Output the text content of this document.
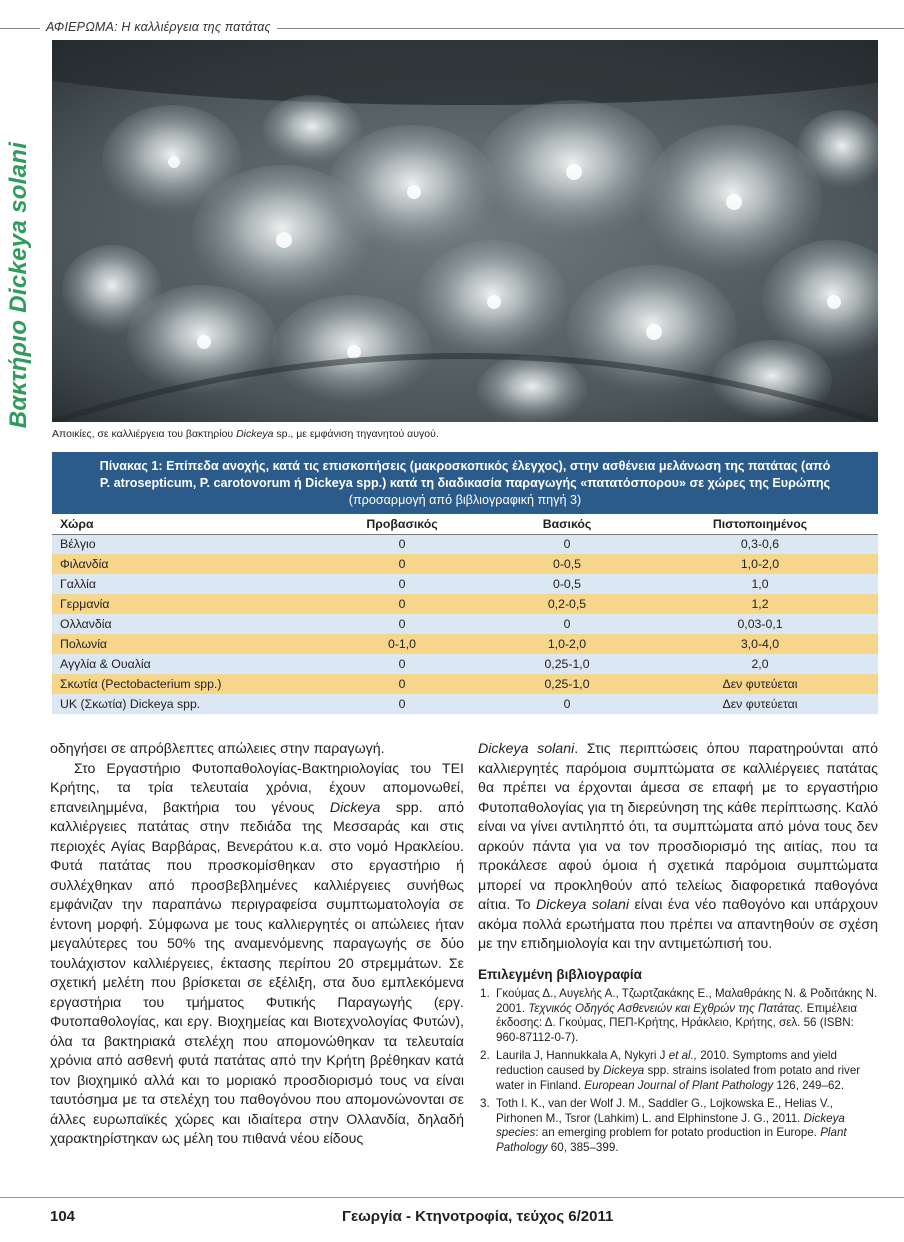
ΑΦΙΕΡΩΜΑ: Η καλλιέργεια της πατάτας
Βακτήριο Dickeya solani
Αποικίες, σε καλλιέργεια του βακτηρίου Dickeya sp., με εμφάνιση τηγανητού αυγού.
Πίνακας 1: Επίπεδα ανοχής, κατά τις επισκοπήσεις (μακροσκοπικός έλεγχος), στην ασθένεια μελάνωση της πατάτας (από
P. atrosepticum, P. carotovorum ή Dickeya spp.) κατά τη διαδικασία παραγωγής «πατατόσπορου» σε χώρες της Ευρώπης
(προσαρμογή από βιβλιογραφική πηγή 3)
Χώρα	Προβασικός	Βασικός	Πιστοποιημένος
Βέλγιο	0	0	0,3-0,6
Φιλανδία	0	0-0,5	1,0-2,0
Γαλλία	0	0-0,5	1,0
Γερμανία	0	0,2-0,5	1,2
Ολλανδία	0	0	0,03-0,1
Πολωνία	0-1,0	1,0-2,0	3,0-4,0
Αγγλία & Ουαλία	0	0,25-1,0	2,0
Σκωτία (Pectobacterium spp.)	0	0,25-1,0	Δεν φυτεύεται
UK (Σκωτία) Dickeya spp.	0	0	Δεν φυτεύεται

οδηγήσει σε απρόβλεπτες απώλειες στην παραγωγή.

Στο Εργαστήριο Φυτοπαθολογίας-Βακτηριολογίας του ΤΕΙ Κρήτης, τα τρία τελευταία χρόνια, έχουν απομονωθεί, επανειλημμένα, βακτήρια του γένους Dickeya spp. από καλλιέργειες πατάτας στην πεδιάδα της Μεσσαράς και στις περιοχές Αγίας Βαρβάρας, Βενεράτου κ.α. στο νομό Ηρακλείου. Φυτά πατάτας που προσκομίσθηκαν στο εργαστήριο ή συλλέχθηκαν από προσβεβλημένες καλλιέργειες συνήθως εμφάνιζαν την παραπάνω περιγραφείσα συμπτωματολογία σε έντονη μορφή. Σύμφωνα με τους καλλιεργητές οι απώλειες ήταν μεγαλύτερες του 50% της αναμενόμενης παραγωγής σε δύο τουλάχιστον καλλιέργειες, έκτασης περίπου 20 στρεμμάτων. Σε σχετική μελέτη που βρίσκεται σε εξέλιξη, στα δυο εμπλεκόμενα εργαστήρια του τμήματος Φυτικής Παραγωγής (εργ. Φυτοπαθολογίας, και εργ. Βιοχημείας και Βιοτεχνολογίας Φυτών), όλα τα βακτηριακά στελέχη που απομονώθηκαν τα τελευταία χρόνια από ασθενή φυτά πατάτας από την Κρήτη βρέθηκαν κατά τον βιοχημικό αλλά και το μοριακό προσδιορισμό τους να είναι ταυτόσημα με τα στελέχη του παθογόνου που απομονώνονται σε άλλες ευρωπαϊκές χώρες και ιδιαίτερα στην Ολλανδία, δηλαδή χαρακτηρίστηκαν ως μέλη του πιθανά νέου είδους

Dickeya solani. Στις περιπτώσεις όπου παρατηρούνται από καλλιεργητές παρόμοια συμπτώματα σε καλλιέργειες πατάτας θα πρέπει να έρχονται άμεσα σε επαφή με το εργαστήριο Φυτοπαθολογίας για τη διερεύνηση της κάθε περίπτωσης. Καλό είναι να γίνει αντιληπτό ότι, τα συμπτώματα από μόνα τους δεν αρκούν πάντα για να τον προσδιορισμό της αιτίας, που τα προκάλεσε αφού όμοια ή σχετικά παρόμοια συμπτώματα μπορεί να προκληθούν από τελείως διαφορετικά παθογόνα αίτια. Το Dickeya solani είναι ένα νέο παθογόνο και υπάρχουν ακόμα πολλά ερωτήματα που πρέπει να απαντηθούν σε σχέση με την επιδημιολογία και την αντιμετώπισή του.

Επιλεγμένη βιβλιογραφία
1. Γκούμας Δ., Αυγελής Α., Τζωρτζακάκης Ε., Μαλαθράκης Ν. & Ροδιτάκης Ν. 2001. Τεχνικός Οδηγός Ασθενειών και Εχθρών της Πατάτας. Επιμέλεια έκδοσης: Δ. Γκούμας, ΠΕΠ-Κρήτης, Ηράκλειο, Κρήτης, σελ. 56 (ISBN: 960-87112-0-7).
2. Laurila J, Hannukkala A, Nykyri J et al., 2010. Symptoms and yield reduction caused by Dickeya spp. strains isolated from potato and river water in Finland. European Journal of Plant Pathology 126, 249–62.
3. Toth I. K., van der Wolf J. M., Saddler G., Lojkowska E., Helias V., Pirhonen M., Tsror (Lahkim) L. and Elphinstone J. G., 2011. Dickeya species: an emerging problem for potato production in Europe. Plant Pathology 60, 385–399.
104	Γεωργία - Κτηνοτροφία, τεύχος 6/2011
